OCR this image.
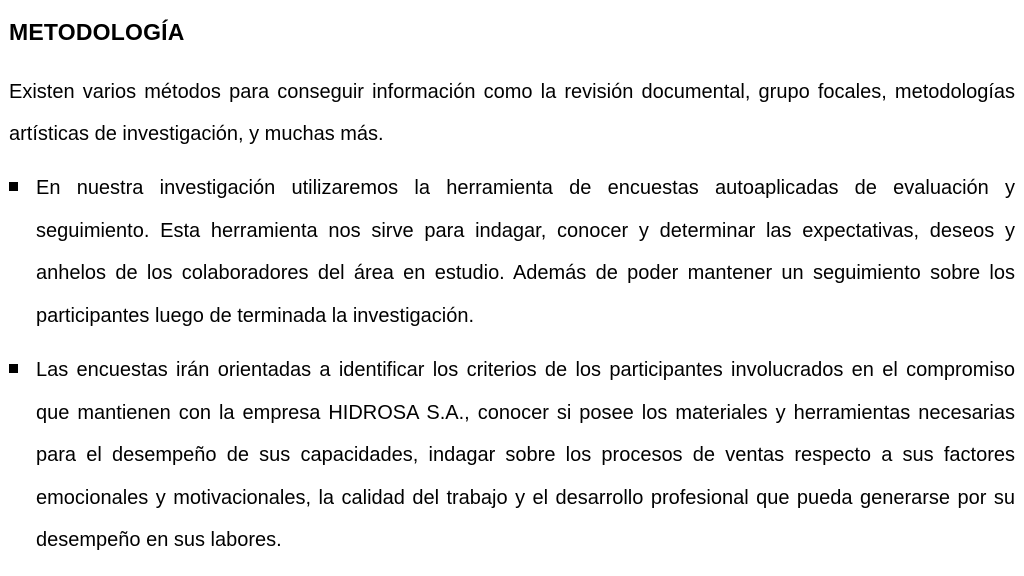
METODOLOGÍA
Existen varios métodos para conseguir información como la revisión documental, grupo focales, metodologías artísticas de investigación, y muchas más.
En nuestra investigación utilizaremos la herramienta de encuestas autoaplicadas de evaluación y seguimiento. Esta herramienta nos sirve para indagar, conocer y determinar las expectativas, deseos y anhelos de los colaboradores del área en estudio. Además de poder mantener un seguimiento sobre los participantes luego de terminada la investigación.
Las encuestas irán orientadas a identificar los criterios de los participantes involucrados en el compromiso que mantienen con la empresa HIDROSA S.A., conocer si posee los materiales y herramientas necesarias para el desempeño de sus capacidades, indagar sobre los procesos de ventas respecto a sus factores emocionales y motivacionales, la calidad del trabajo y el desarrollo profesional que pueda generarse por su desempeño en sus labores.
